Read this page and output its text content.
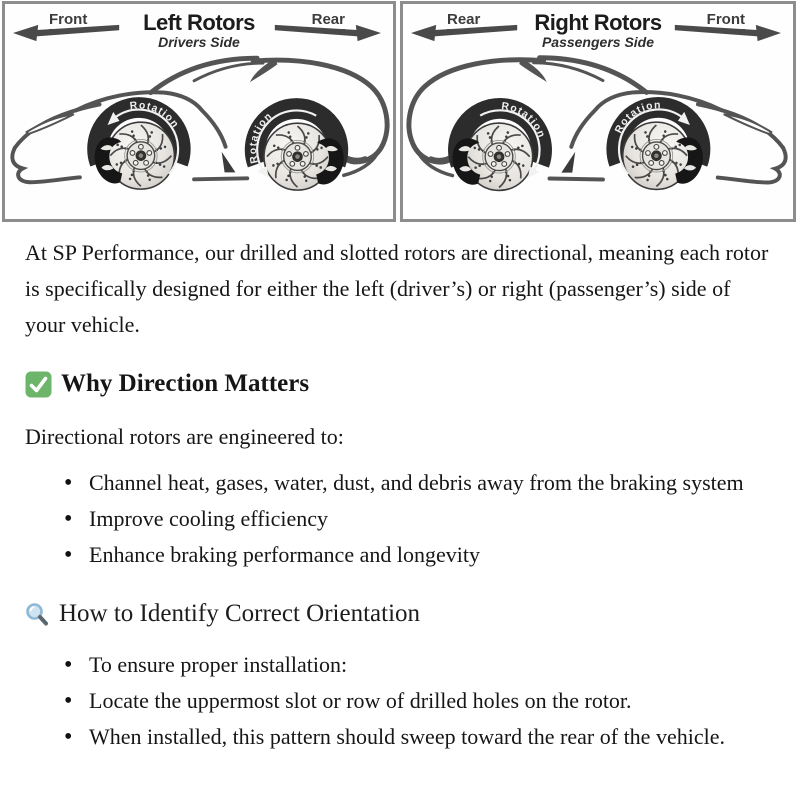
Front	Left Rotors
Drivers Side
Rear
Rotation
Rotation
Rear Right Rotors
Passengers Side
Front
Rotation	Rotation

At SP Performance, our drilled and slotted rotors are directional, meaning each rotor is specifically designed for either the left (driver’s) or right (passenger’s) side of your vehicle.

Why Direction Matters

Directional rotors are engineered to:

• Channel heat, gases, water, dust, and debris away from the braking system
• Improve cooling efficiency
• Enhance braking performance and longevity
How to Identify Correct Orientation
• To ensure proper installation:
• Locate the uppermost slot or row of drilled holes on the rotor.
• When installed, this pattern should sweep toward the rear of the vehicle.
